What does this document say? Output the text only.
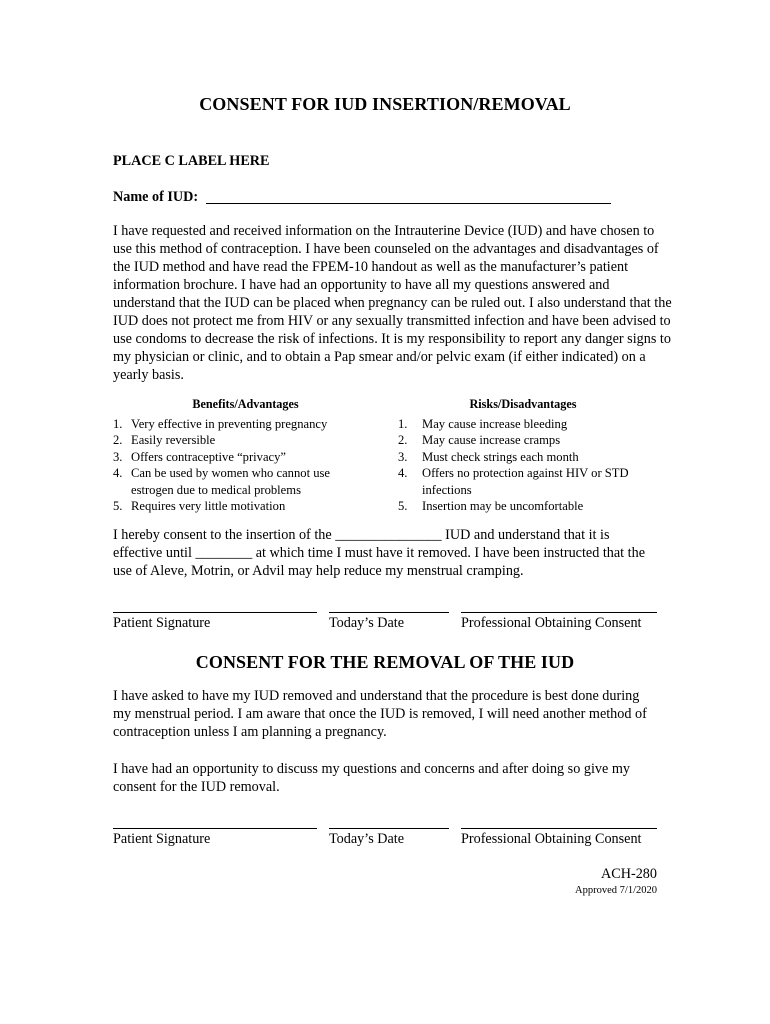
CONSENT FOR IUD INSERTION/REMOVAL
PLACE C LABEL HERE
Name of IUD:
I have requested and received information on the Intrauterine Device (IUD) and have chosen to use this method of contraception. I have been counseled on the advantages and disadvantages of the IUD method and have read the FPEM-10 handout as well as the manufacturer’s patient information brochure. I have had an opportunity to have all my questions answered and understand that the IUD can be placed when pregnancy can be ruled out. I also understand that the IUD does not protect me from HIV or any sexually transmitted infection and have been advised to use condoms to decrease the risk of infections. It is my responsibility to report any danger signs to my physician or clinic, and to obtain a Pap smear and/or pelvic exam (if either indicated) on a yearly basis.
Benefits/Advantages
1. Very effective in preventing pregnancy
2. Easily reversible
3. Offers contraceptive “privacy”
4. Can be used by women who cannot use estrogen due to medical problems
5. Requires very little motivation
Risks/Disadvantages
1. May cause increase bleeding
2. May cause increase cramps
3. Must check strings each month
4. Offers no protection against HIV or STD infections
5. Insertion may be uncomfortable
I hereby consent to the insertion of the _______________ IUD and understand that it is effective until ________ at which time I must have it removed. I have been instructed that the use of Aleve, Motrin, or Advil may help reduce my menstrual cramping.
Patient Signature	Today’s Date	Professional Obtaining Consent
CONSENT FOR THE REMOVAL OF THE IUD
I have asked to have my IUD removed and understand that the procedure is best done during my menstrual period. I am aware that once the IUD is removed, I will need another method of contraception unless I am planning a pregnancy.
I have had an opportunity to discuss my questions and concerns and after doing so give my consent for the IUD removal.
Patient Signature	Today’s Date	Professional Obtaining Consent
ACH-280
Approved 7/1/2020
